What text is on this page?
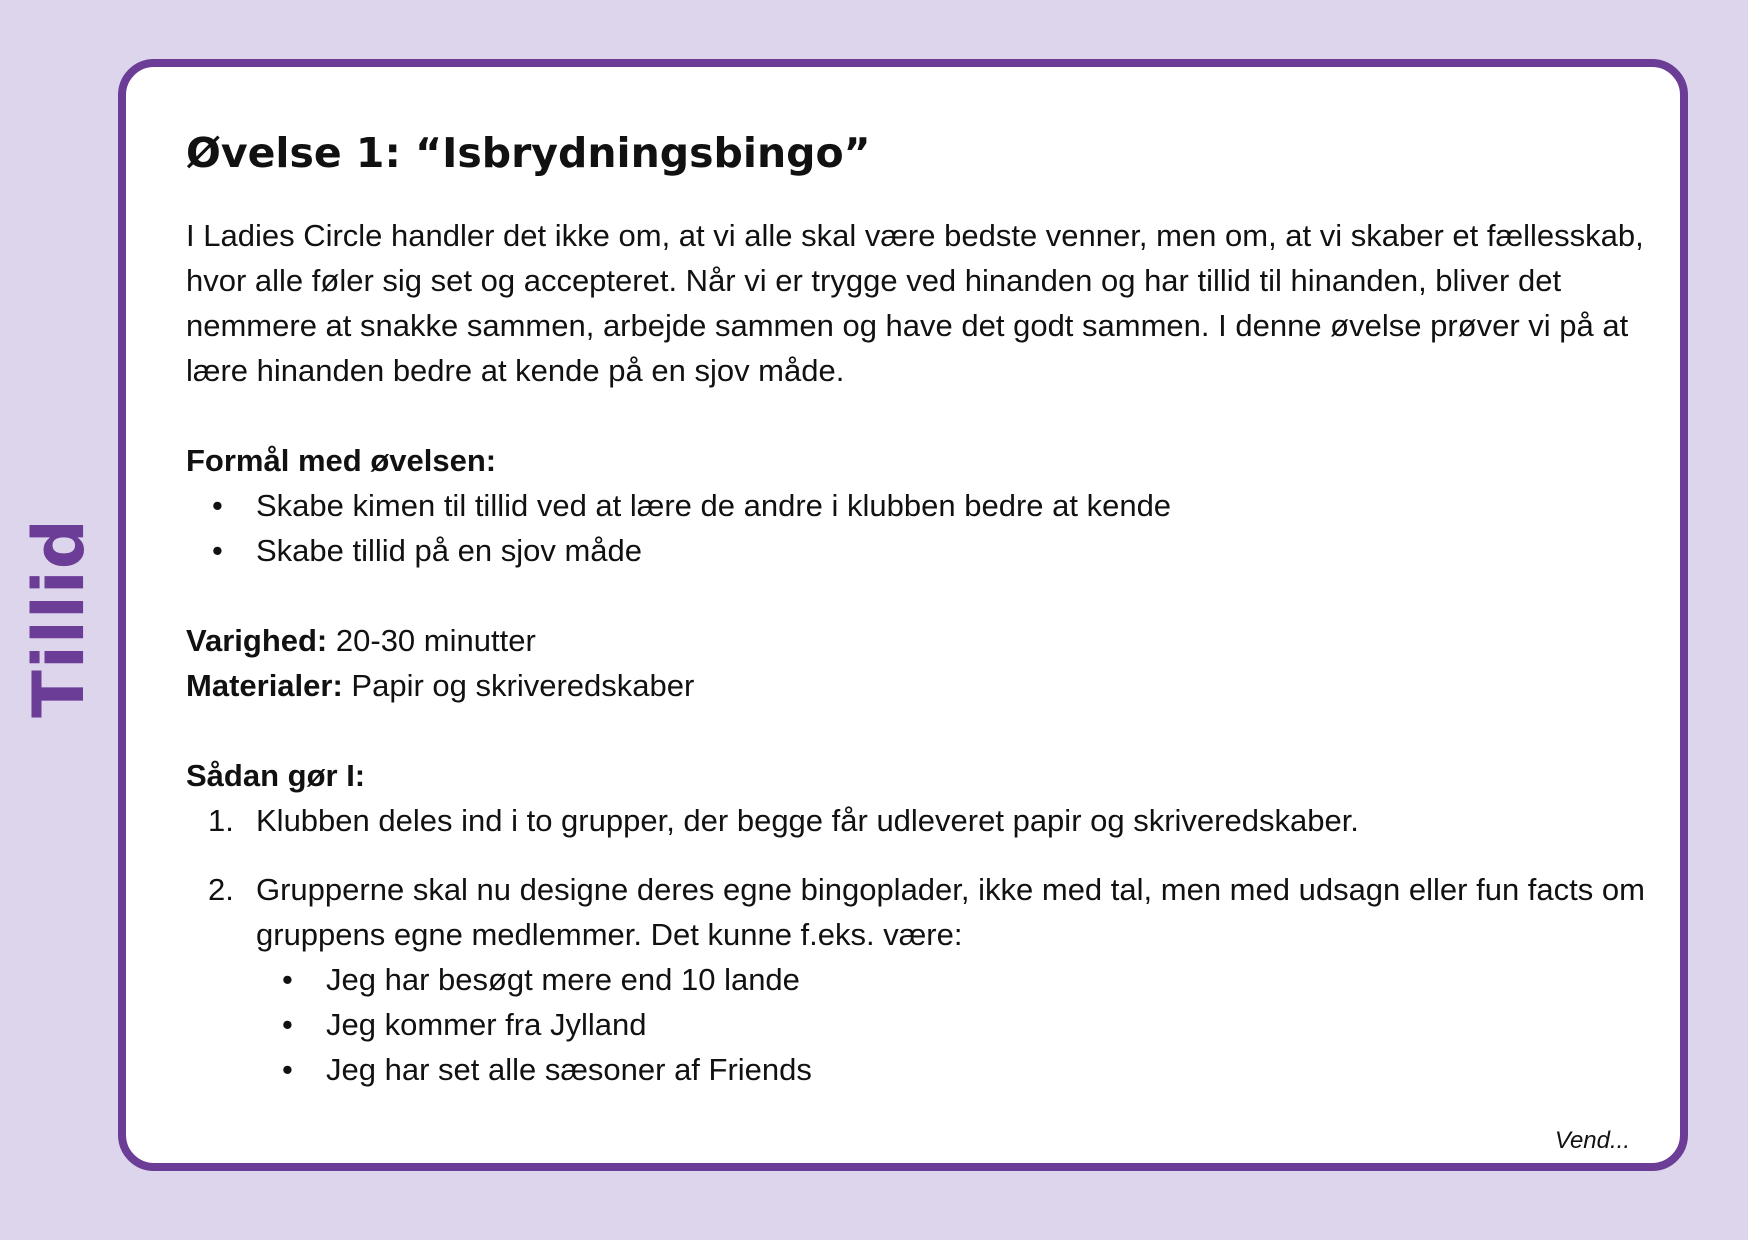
Tillid
Øvelse 1: “Isbrydningsbingo”

I Ladies Circle handler det ikke om, at vi alle skal være bedste venner, men om, at vi skaber et fællesskab, hvor alle føler sig set og accepteret. Når vi er trygge ved hinanden og har tillid til hinanden, bliver det nemmere at snakke sammen, arbejde sammen og have det godt sammen. I denne øvelse prøver vi på at lære hinanden bedre at kende på en sjov måde.

Formål med øvelsen:

• Skabe kimen til tillid ved at lære de andre i klubben bedre at kende
• Skabe tillid på en sjov måde

Varighed: 20-30 minutter

Materialer: Papir og skriveredskaber

Sådan gør I:

1. Klubben deles ind i to grupper, der begge får udleveret papir og skriveredskaber.
2. Grupperne skal nu designe deres egne bingoplader, ikke med tal, men med udsagn eller fun facts om gruppens egne medlemmer. Det kunne f.eks. være:
• Jeg har besøgt mere end 10 lande
• Jeg kommer fra Jylland
• Jeg har set alle sæsoner af Friends
Vend...
